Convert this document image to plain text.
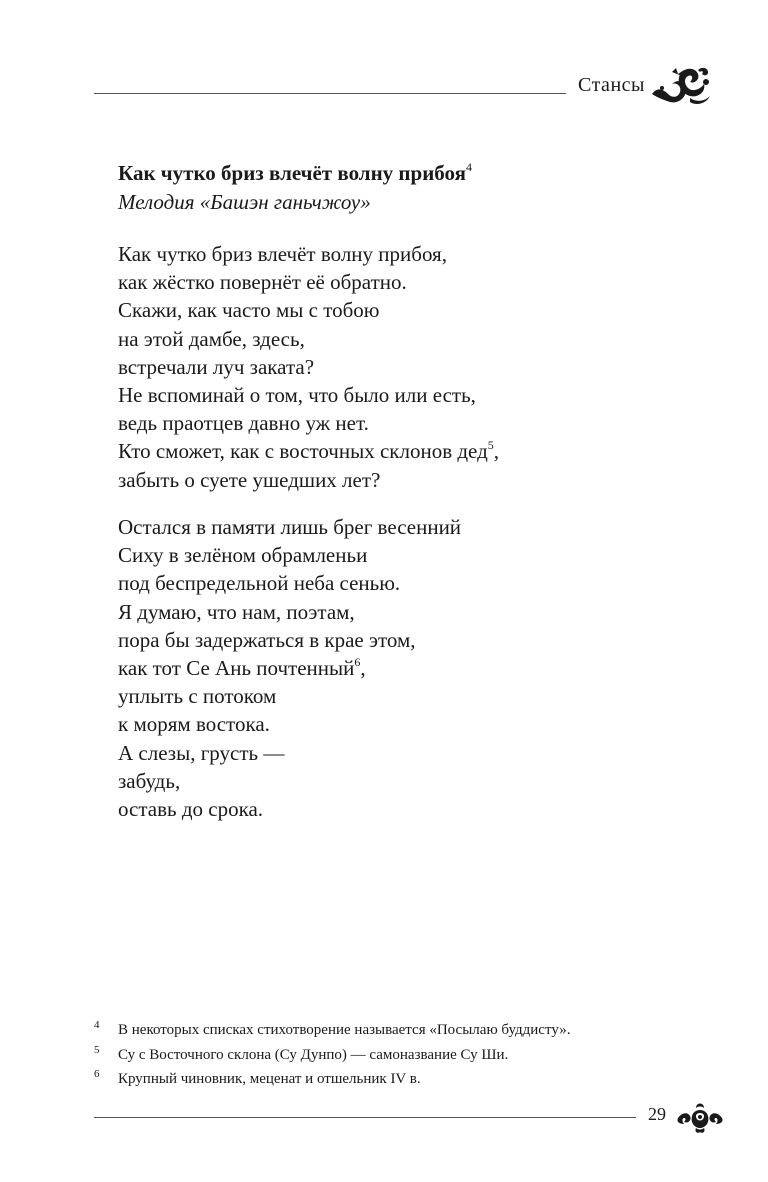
Стансы
Как чутко бриз влечёт волну прибоя$^4$
Мелодия «Башэн ганьчжоу»
Как чутко бриз влечёт волну прибоя,
как жёстко повернёт её обратно.
Скажи, как часто мы с тобою
на этой дамбе, здесь,
встречали луч заката?
Не вспоминай о том, что было или есть,
ведь праотцев давно уж нет.
Кто сможет, как с восточных склонов дед$^5$,
забыть о суете ушедших лет?
Остался в памяти лишь брег весенний
Сиху в зелёном обрамленьи
под беспредельной неба сенью.
Я думаю, что нам, поэтам,
пора бы задержаться в крае этом,
как тот Се Ань почтенный$^6$,
уплыть с потоком
к морям востока.
А слезы, грусть —
забудь,
оставь до срока.
4 В некоторых списках стихотворение называется «Посылаю буддисту».
5 Су с Восточного склона (Су Дунпо) — самоназвание Су Ши.
6 Крупный чиновник, меценат и отшельник IV в.
29
